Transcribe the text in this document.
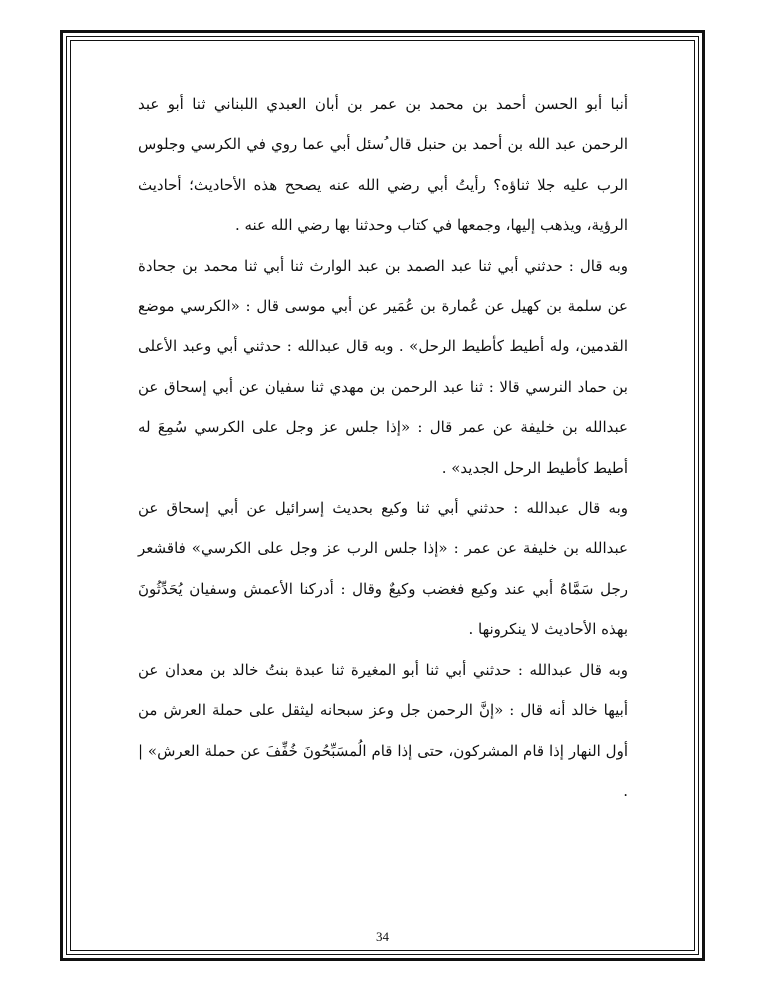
أنبا أبو الحسن أحمد بن محمد بن عمر بن أبان العبدي اللبناني ثنا أبو عبد الرحمن عبد الله بن أحمد بن حنبل قال ُسئل أبي عما روي في الكرسي وجلوس الرب عليه جلا ثناؤه؟ رأيتُ أبي رضي الله عنه يصحح هذه الأحاديث؛ أحاديث الرؤية، ويذهب إليها، وجمعها في كتاب وحدثنا بها رضي الله عنه .

وبه قال : حدثني أبي ثنا عبد الصمد بن عبد الوارث ثنا أبي ثنا محمد بن جحادة عن سلمة بن كهيل عن عُمارة بن عُمَير عن أبي موسى قال : «الكرسي موضع القدمين، وله أطيط كأطيط الرحل» . وبه قال عبدالله : حدثني أبي وعبد الأعلى بن حماد النرسي قالا : ثنا عبد الرحمن بن مهدي ثنا سفيان عن أبي إسحاق عن عبدالله بن خليفة عن عمر قال : «إذا جلس عز وجل على الكرسي سُمِعَ له أطيط كأطيط الرحل الجديد» .

وبه قال عبدالله : حدثني أبي ثنا وكيع بحديث إسرائيل عن أبي إسحاق عن عبدالله بن خليفة عن عمر : «إذا جلس الرب عز وجل على الكرسي» فاقشعر رجل سَمَّاهُ أبي عند وكيع فغضب وكيعٌ وقال : أدركنا الأعمش وسفيان يُحَدِّثُونَ بهذه الأحاديث لا ينكرونها .

وبه قال عبدالله : حدثني أبي ثنا أبو المغيرة ثنا عبدة بنتُ خالد بن معدان عن أبيها خالد أنه قال : «إنَّ الرحمن جل وعز سبحانه ليثقل على حملة العرش من أول النهار إذا قام المشركون، حتى إذا قام الُمسَبِّحُونَ خُفِّفَ عن حملة العرش» | .

34
